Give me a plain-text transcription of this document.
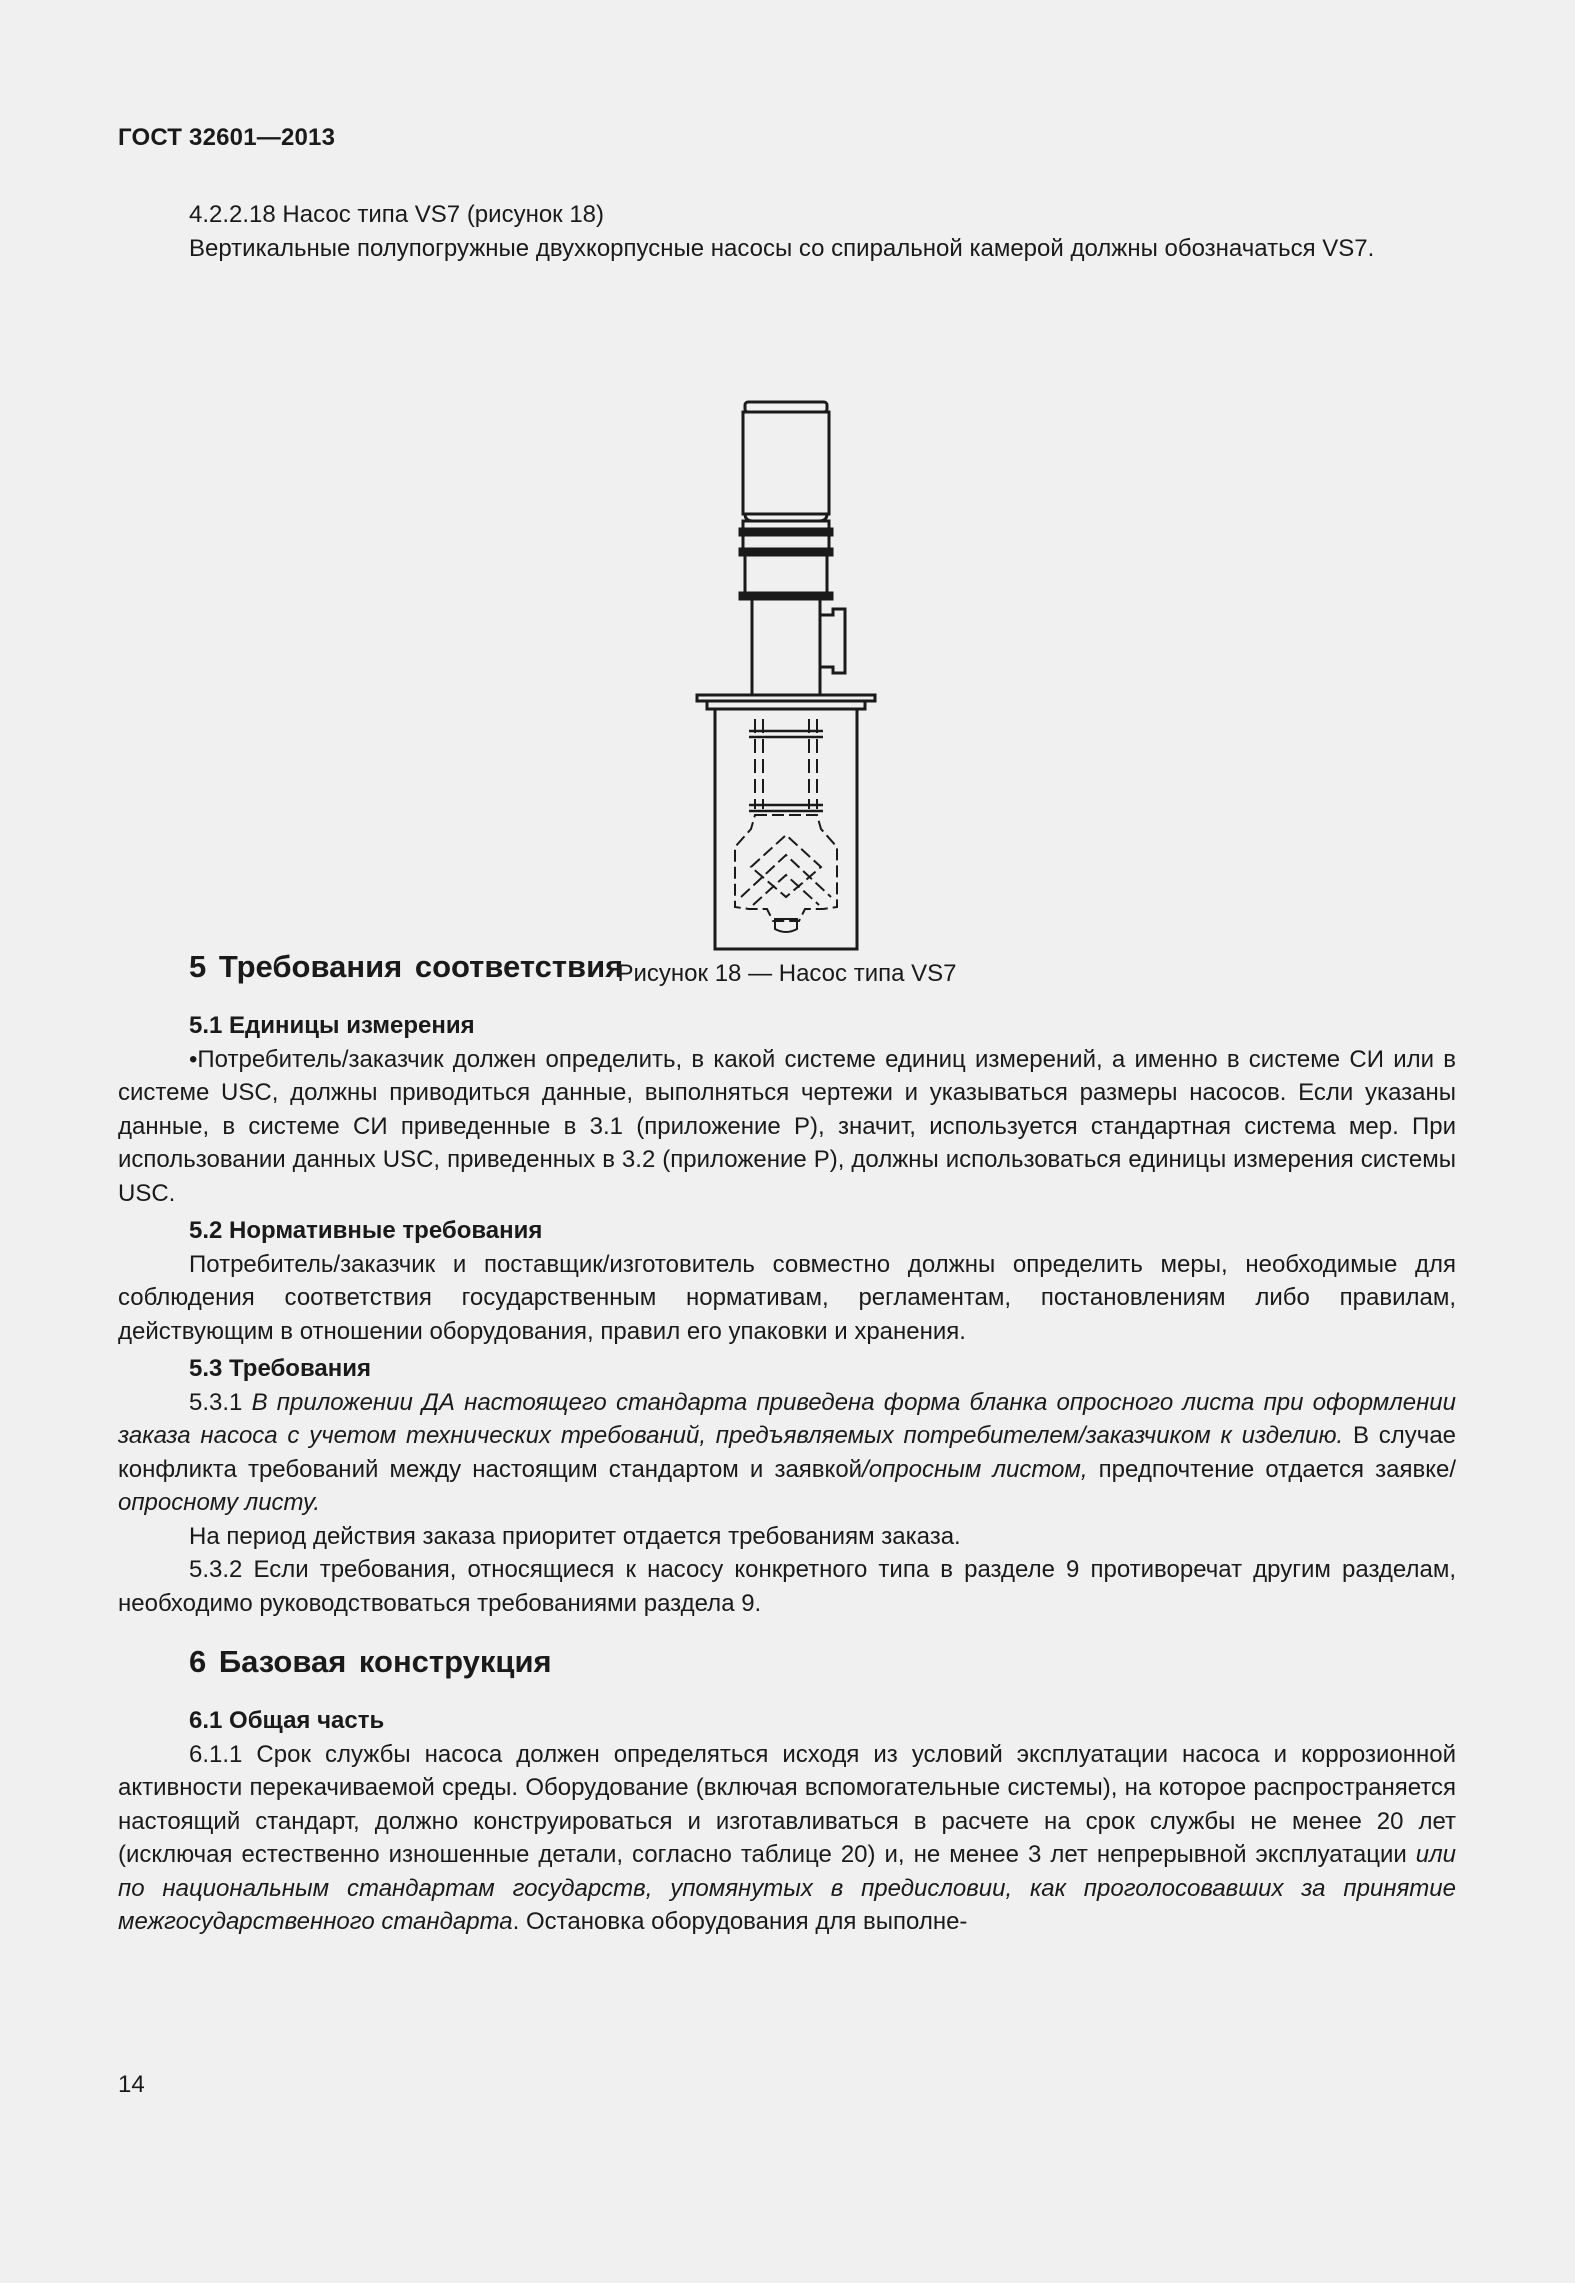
ГОСТ 32601—2013

4.2.2.18 Насос типа VS7 (рисунок 18)

Вертикальные полупогружные двухкорпусные насосы со спиральной камерой должны обозначаться VS7.

Рисунок 18 — Насос типа VS7
5 Требования соответствия
5.1 Единицы измерения

•Потребитель/заказчик должен определить, в какой системе единиц измерений, а именно в системе СИ или в системе USC, должны приводиться данные, выполняться чертежи и указываться размеры насосов. Если указаны данные, в системе СИ приведенные в 3.1 (приложение Р), значит, используется стандартная система мер. При использовании данных USC, приведенных в 3.2 (приложение Р), должны использоваться единицы измерения системы USC.

5.2 Нормативные требования

Потребитель/заказчик и поставщик/изготовитель совместно должны определить меры, необходимые для соблюдения соответствия государственным нормативам, регламентам, постановлениям либо правилам, действующим в отношении оборудования, правил его упаковки и хранения.

5.3 Требования

5.3.1 В приложении ДА настоящего стандарта приведена форма бланка опросного листа при оформлении заказа насоса с учетом технических требований, предъявляемых потребителем/заказчиком к изделию. В случае конфликта требований между настоящим стандартом и заявкой/опросным листом, предпочтение отдается заявке/опросному листу.

На период действия заказа приоритет отдается требованиям заказа.

5.3.2 Если требования, относящиеся к насосу конкретного типа в разделе 9 противоречат другим разделам, необходимо руководствоваться требованиями раздела 9.

6 Базовая конструкция
6.1 Общая часть

6.1.1 Срок службы насоса должен определяться исходя из условий эксплуатации насоса и коррозионной активности перекачиваемой среды. Оборудование (включая вспомогательные системы), на которое распространяется настоящий стандарт, должно конструироваться и изготавливаться в расчете на срок службы не менее 20 лет (исключая естественно изношенные детали, согласно таблице 20) и, не менее 3 лет непрерывной эксплуатации или по национальным стандартам государств, упомянутых в предисловии, как проголосовавших за принятие межгосударственного стандарта. Остановка оборудования для выполне-

14
